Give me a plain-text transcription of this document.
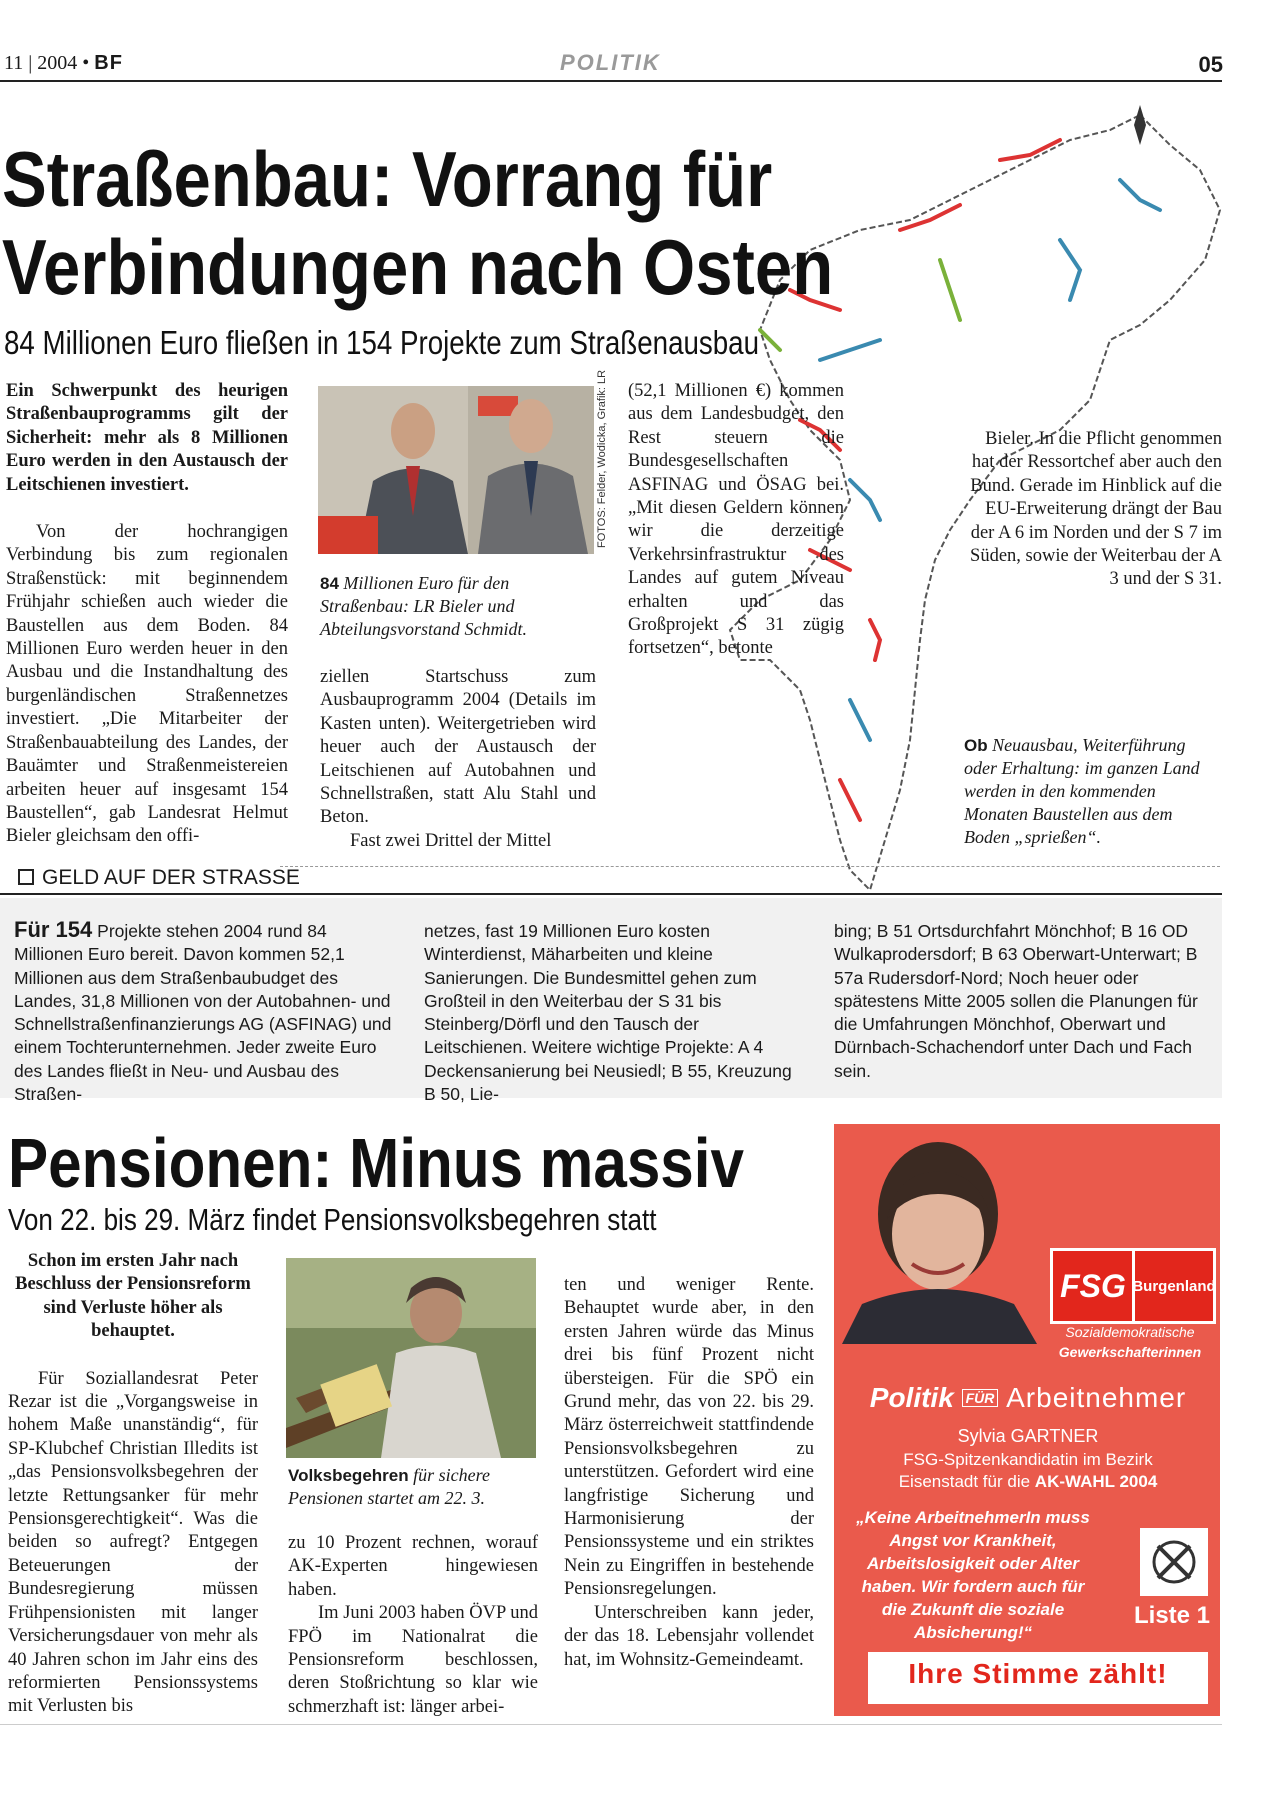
11 | 2004 • BF	POLITIK	05
Straßenbau: Vorrang für
Verbindungen nach Osten
84 Millionen Euro fließen in 154 Projekte zum Straßenausbau

Ein Schwerpunkt des heurigen Straßenbauprogramms gilt der Sicherheit: mehr als 8 Millionen Euro werden in den Austausch der Leitschienen investiert.

Von der hochrangigen Verbindung bis zum regionalen Straßenstück: mit beginnendem Frühjahr schießen auch wieder die Baustellen aus dem Boden. 84 Millionen Euro werden heuer in den Ausbau und die Instandhaltung des burgenländischen Straßennetzes investiert. „Die Mitarbeiter der Straßenbauabteilung des Landes, der Bauämter und Straßenmeistereien arbeiten heuer auf insgesamt 154 Baustellen“, gab Landesrat Helmut Bieler gleichsam den offi-

FOTOS: Felder, Wodicka, Grafik: LR
84 Millionen Euro für den Straßenbau: LR Bieler und Abteilungsvorstand Schmidt.

ziellen Startschuss zum Ausbauprogramm 2004 (Details im Kasten unten). Weitergetrieben wird heuer auch der Austausch der Leitschienen auf Autobahnen und Schnellstraßen, statt Alu Stahl und Beton.

Fast zwei Drittel der Mittel

(52,1 Millionen €) kommen aus dem Landesbudget, den Rest steuern die Bundesgesellschaften ASFINAG und ÖSAG bei. „Mit diesen Geldern können wir die derzeitige Verkehrsinfrastruktur des Landes auf gutem Niveau erhalten und das Großprojekt S 31 zügig fortsetzen“, betonte

Bieler. In die Pflicht genommen hat der Ressortchef aber auch den Bund. Gerade im Hinblick auf die EU-Erweiterung drängt der Bau der A 6 im Norden und der S 7 im Süden, sowie der Weiterbau der A 3 und der S 31.

Ob Neuausbau, Weiterführung oder Erhaltung: im ganzen Land werden in den kommenden Monaten Baustellen aus dem Boden „sprießen“.
GELD AUF DER STRASSE
Für 154 Projekte stehen 2004 rund 84 Millionen Euro bereit. Davon kommen 52,1 Millionen aus dem Straßenbaubudget des Landes, 31,8 Millionen von der Autobahnen- und Schnellstraßenfinanzierungs AG (ASFINAG) und einem Tochterunternehmen. Jeder zweite Euro des Landes fließt in Neu- und Ausbau des Straßen-
netzes, fast 19 Millionen Euro kosten Winterdienst, Mäharbeiten und kleine Sanierungen. Die Bundesmittel gehen zum Großteil in den Weiterbau der S 31 bis Steinberg/Dörfl und den Tausch der Leitschienen. Weitere wichtige Projekte: A 4 Deckensanierung bei Neusiedl; B 55, Kreuzung B 50, Lie-
bing; B 51 Ortsdurchfahrt Mönchhof; B 16 OD Wulkaprodersdorf; B 63 Oberwart-Unterwart; B 57a Rudersdorf-Nord; Noch heuer oder spätestens Mitte 2005 sollen die Planungen für die Umfahrungen Mönchhof, Oberwart und Dürnbach-Schachendorf unter Dach und Fach sein.
Pensionen: Minus massiv
Von 22. bis 29. März findet Pensionsvolksbegehren statt

Schon im ersten Jahr nach Beschluss der Pensionsreform sind Verluste höher als behauptet.

Für Soziallandesrat Peter Rezar ist die „Vorgangsweise in hohem Maße unanständig“, für SP-Klubchef Christian Illedits ist „das Pensionsvolksbegehren der letzte Rettungsanker für mehr Pensionsgerechtigkeit“. Was die beiden so aufregt? Entgegen Beteuerungen der Bundesregierung müssen Frühpensionisten mit langer Versicherungsdauer von mehr als 40 Jahren schon im Jahr eins des reformierten Pensionssystems mit Verlusten bis

Volksbegehren für sichere Pensionen startet am 22. 3.

zu 10 Prozent rechnen, worauf AK-Experten hingewiesen haben.

Im Juni 2003 haben ÖVP und FPÖ im Nationalrat die Pensionsreform beschlossen, deren Stoßrichtung so klar wie schmerzhaft ist: länger arbei-

ten und weniger Rente. Behauptet wurde aber, in den ersten Jahren würde das Minus drei bis fünf Prozent nicht übersteigen. Für die SPÖ ein Grund mehr, das von 22. bis 29. März österreichweit stattfindende Pensionsvolksbegehren zu unterstützen. Gefordert wird eine langfristige Sicherung und Harmonisierung der Pensionssysteme und ein striktes Nein zu Eingriffen in bestehende Pensionsregelungen.

Unterschreiben kann jeder, der das 18. Lebensjahr vollendet hat, im Wohnsitz-Gemeindeamt.

FSG Burgenland
Sozialdemokratische
Gewerkschafterinnen
Politik FÜR Arbeitnehmer
Sylvia GARTNER
FSG-Spitzenkandidatin im Bezirk
Eisenstadt für die AK-WAHL 2004
„Keine ArbeitnehmerIn muss Angst vor Krankheit, Arbeitslosigkeit oder Alter haben. Wir fordern auch für die Zukunft die soziale Absicherung!“
Liste 1
Ihre Stimme zählt!
